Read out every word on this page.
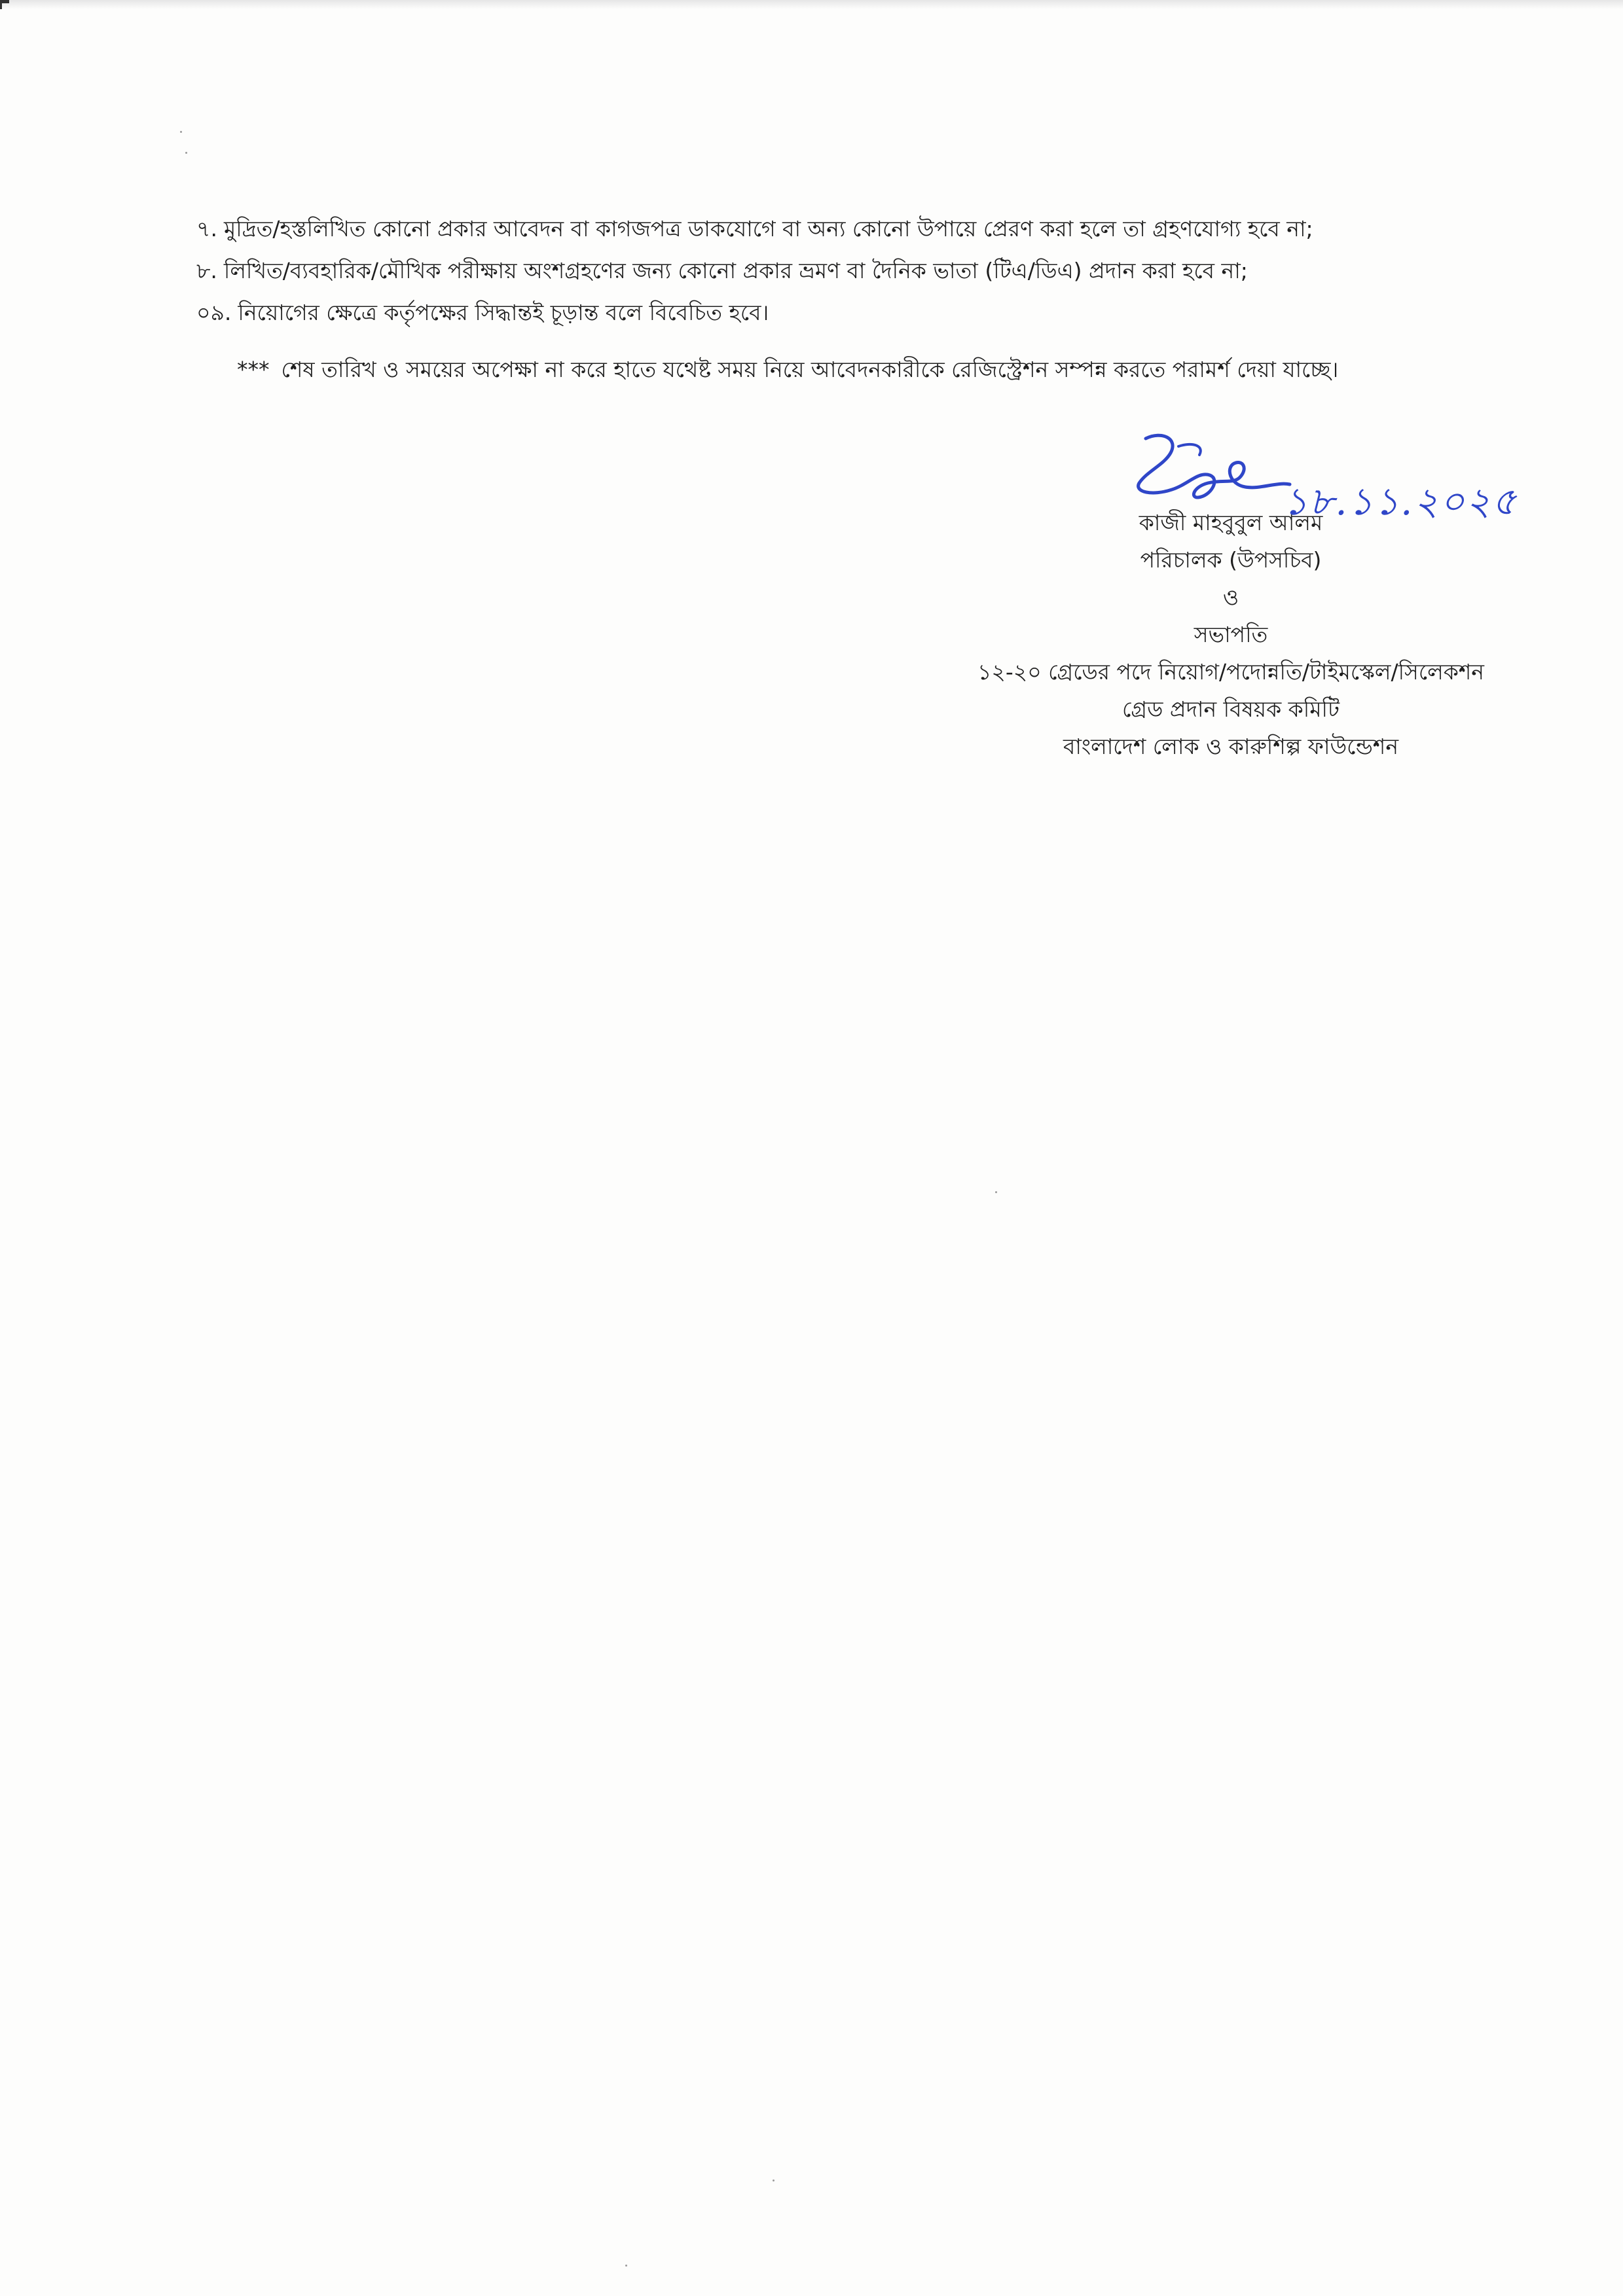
৭. মুদ্রিত/হস্তলিখিত কোনো প্রকার আবেদন বা কাগজপত্র ডাকযোগে বা অন্য কোনো উপায়ে প্রেরণ করা হলে তা গ্রহণযোগ্য হবে না;
৮. লিখিত/ব্যবহারিক/মৌখিক পরীক্ষায় অংশগ্রহণের জন্য কোনো প্রকার ভ্রমণ বা দৈনিক ভাতা (টিএ/ডিএ) প্রদান করা হবে না;
০৯. নিয়োগের ক্ষেত্রে কর্তৃপক্ষের সিদ্ধান্তই চূড়ান্ত বলে বিবেচিত হবে।
*** শেষ তারিখ ও সময়ের অপেক্ষা না করে হাতে যথেষ্ট সময় নিয়ে আবেদনকারীকে রেজিস্ট্রেশন সম্পন্ন করতে পরামর্শ দেয়া যাচ্ছে।
১৮.১১.২০২৫
কাজী মাহবুবুল আলম
পরিচালক (উপসচিব)
ও
সভাপতি
১২-২০ গ্রেডের পদে নিয়োগ/পদোন্নতি/টাইমস্কেল/সিলেকশন
গ্রেড প্রদান বিষয়ক কমিটি
বাংলাদেশ লোক ও কারুশিল্প ফাউন্ডেশন
